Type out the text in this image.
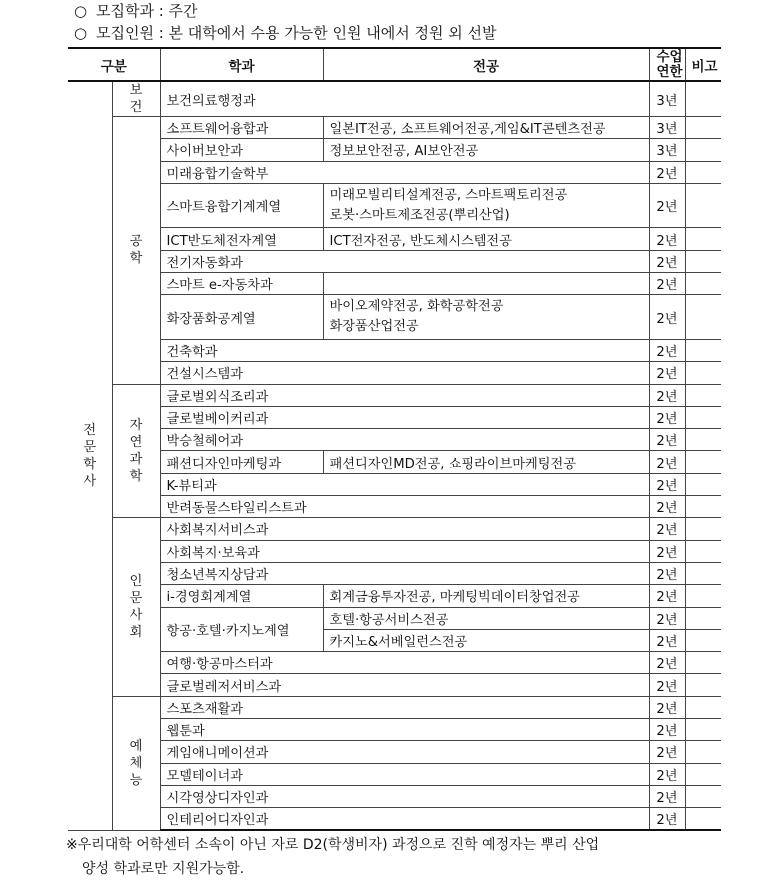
○ 모집학과 : 주간
○ 모집인원 : 본 대학에서 수용 가능한 인원 내에서 정원 외 선발
구분		학과	전공	수업연한	비고
전문학사	보건	보건의료행정과		3년	
	공학	소프트웨어융합과	일본IT전공, 소프트웨어전공,게임&IT콘텐츠전공	3년	
		사이버보안과	정보보안전공, AI보안전공	3년	
		미래융합기술학부		2년	
		스마트융합기계계열	미래모빌리티설계전공, 스마트팩토리전공
로봇·스마트제조전공(뿌리산업)	2년	
		ICT반도체전자계열	ICT전자전공, 반도체시스템전공	2년	
		전기자동화과		2년	
		스마트 e-자동차과		2년	
		화장품화공계열	바이오제약전공, 화학공학전공
화장품산업전공	2년	
		건축학과		2년	
		건설시스템과		2년	
	자연과학	글로벌외식조리과		2년	
		글로벌베이커리과		2년	
		박승철헤어과		2년	
		패션디자인마케팅과	패션디자인MD전공, 쇼핑라이브마케팅전공	2년	
		K-뷰티과		2년	
		반려동물스타일리스트과		2년	
	인문사회	사회복지서비스과		2년	
		사회복지·보육과		2년	
		청소년복지상담과		2년	
		i-경영회계계열	회계금융투자전공, 마케팅빅데이터창업전공	2년	
		항공·호텔·카지노계열	호텔·항공서비스전공	2년	
			카지노&서베일런스전공	2년	
		여행·항공마스터과		2년	
		글로벌레저서비스과		2년	
	예체능	스포츠재활과		2년	
		웹툰과		2년	
		게임애니메이션과		2년	
		모델테이너과		2년	
		시각영상디자인과		2년	
		인테리어디자인과		2년	
※우리대학 어학센터 소속이 아닌 자로 D2(학생비자) 과정으로 진학 예정자는 뿌리 산업
양성 학과로만 지원가능함.
